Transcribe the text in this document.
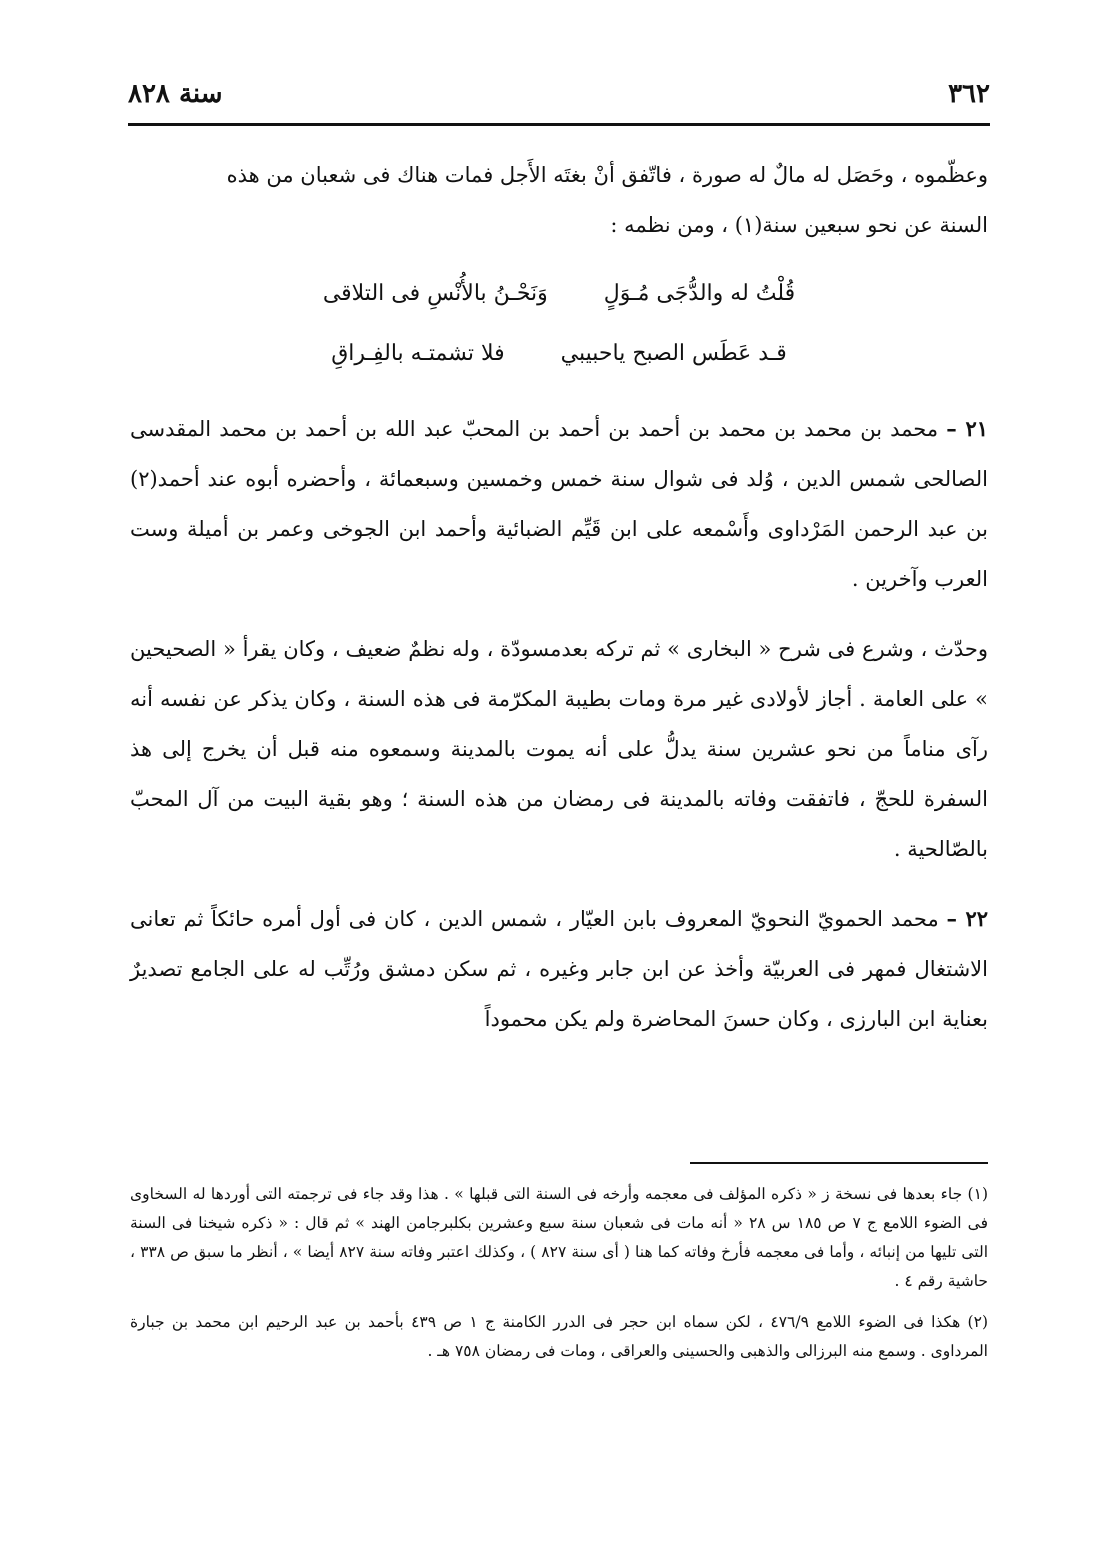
٣٦٢
سنة ٨٢٨

وعظّموه ، وحَصَل له مالٌ له صورة ، فاتّفق أنْ بغتَه الأَجل فمات هناك فى شعبان من هذه

السنة عن نحو سبعين سنة(١) ، ومن نظمه :

قُلْتُ له والدُّجَى مُـوَلٍ
وَنَحْـنُ بالأُنْسِ فى التلاقى
قـد عَطَس الصبح ياحبيبي
فلا تشمتـه بالفِـراقِ

٢١ – محمد بن محمد بن محمد بن أحمد بن أحمد بن المحبّ عبد الله بن أحمد بن محمد المقدسى الصالحى شمس الدين ، وُلد فى شوال سنة خمس وخمسين وسبعمائة ، وأحضره أبوه عند أحمد(٢) بن عبد الرحمن المَرْداوى وأَسْمعه على ابن قَيِّم الضبائية وأحمد ابن الجوخى وعمر بن أميلة وست العرب وآخرين .

وحدّث ، وشرع فى شرح « البخارى » ثم تركه بعدمسودّة ، وله نظمٌ ضعيف ، وكان يقرأ « الصحيحين » على العامة . أجاز لأولادى غير مرة ومات بطيبة المكرّمة فى هذه السنة ، وكان يذكر عن نفسه أنه رآى مناماً من نحو عشرين سنة يدلُّ على أنه يموت بالمدينة وسمعوه منه قبل أن يخرج إلى هذ السفرة للحجّ ، فاتفقت وفاته بالمدينة فى رمضان من هذه السنة ؛ وهو بقية البيت من آل المحبّ بالصّالحية .

٢٢ – محمد الحمويّ النحويّ المعروف بابن العيّار ، شمس الدين ، كان فى أول أمره حائكاً ثم تعانى الاشتغال فمهر فى العربيّة وأخذ عن ابن جابر وغيره ، ثم سكن دمشق ورُتِّب له على الجامع تصديرٌ بعناية ابن البارزى ، وكان حسنَ المحاضرة ولم يكن محموداً

(١) جاء بعدها فى نسخة ز « ذكره المؤلف فى معجمه وأرخه فى السنة التى قبلها » . هذا وقد جاء فى ترجمته التى أوردها له السخاوى فى الضوء اللامع ج ٧ ص ١٨٥ س ٢٨ « أنه مات فى شعبان سنة سبع وعشرين بكلبرجامن الهند » ثم قال : « ذكره شيخنا فى السنة التى تليها من إنبائه ، وأما فى معجمه فأرخ وفاته كما هنا ( أى سنة ٨٢٧ ) ، وكذلك اعتبر وفاته سنة ٨٢٧ أيضا » ، أنظر ما سبق ص ٣٣٨ ، حاشية رقم ٤ .

(٢) هكذا فى الضوء اللامع ٤٧٦/٩ ، لكن سماه ابن حجر فى الدرر الكامنة ج ١ ص ٤٣٩ بأحمد بن عبد الرحيم ابن محمد بن جبارة المرداوى . وسمع منه البرزالى والذهبى والحسينى والعراقى ، ومات فى رمضان ٧٥٨ هـ .
